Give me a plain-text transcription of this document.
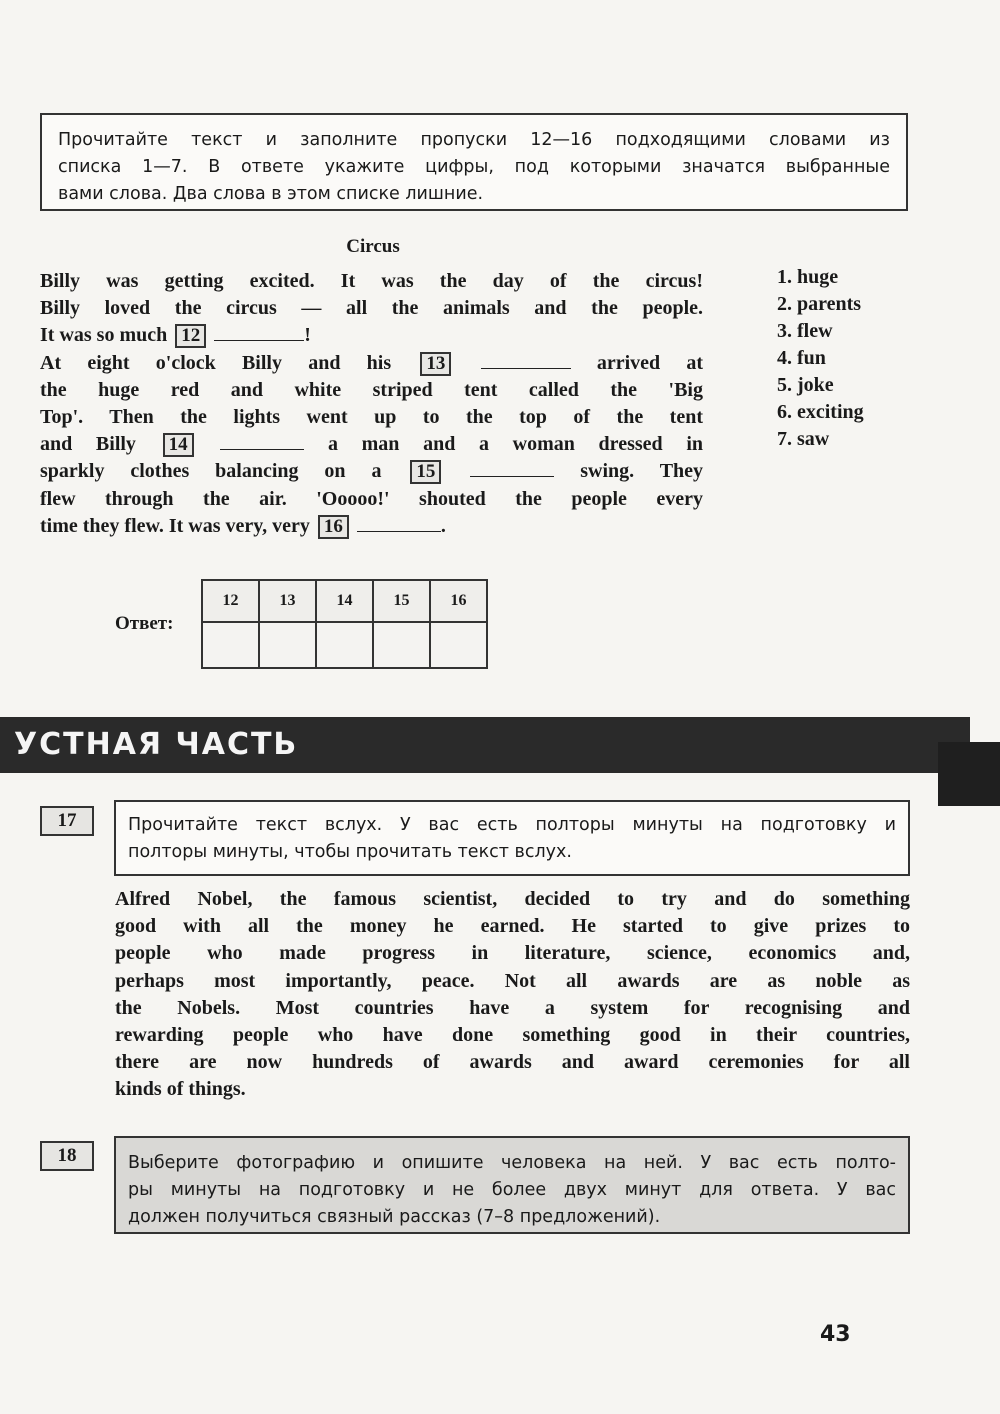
Прочитайте текст и заполните пропуски 12—16 подходящими словами из
списка 1—7. В ответе укажите цифры, под которыми значатся выбранные
вами слова. Два слова в этом списке лишние.

Circus
Billy was getting excited. It was the day of the circus!
Billy loved the circus — all the animals and the people.
It was so much 12	!
At eight o'clock Billy and his 13	arrived at
the huge red and white striped tent called the 'Big
Top'. Then the lights went up to the top of the tent
and Billy 14	a man and a woman dressed in
sparkly clothes balancing on a 15	swing. They
flew through the air. 'Ooooo!' shouted the people every
time they flew. It was very, very 16	.
1. huge
2. parents
3. flew
4. fun
5. joke
6. exciting
7. saw
Ответ:
12	13	14	15	16

УСТНАЯ ЧАСТЬ
17	Прочитайте текст вслух. У вас есть полторы минуты на подготовку и
полторы минуты, чтобы прочитать текст вслух.

Alfred Nobel, the famous scientist, decided to try and do something
good with all the money he earned. He started to give prizes to
people who made progress in literature, science, economics and,
perhaps most importantly, peace. Not all awards are as noble as
the Nobels. Most countries have a system for recognising and
rewarding people who have done something good in their countries,
there are now hundreds of awards and award ceremonies for all
kinds of things.
18	Выберите фотографию и опишите человека на ней. У вас есть полто-
ры минуты на подготовку и не более двух минут для ответа. У вас
должен получиться связный рассказ (7–8 предложений).

43
